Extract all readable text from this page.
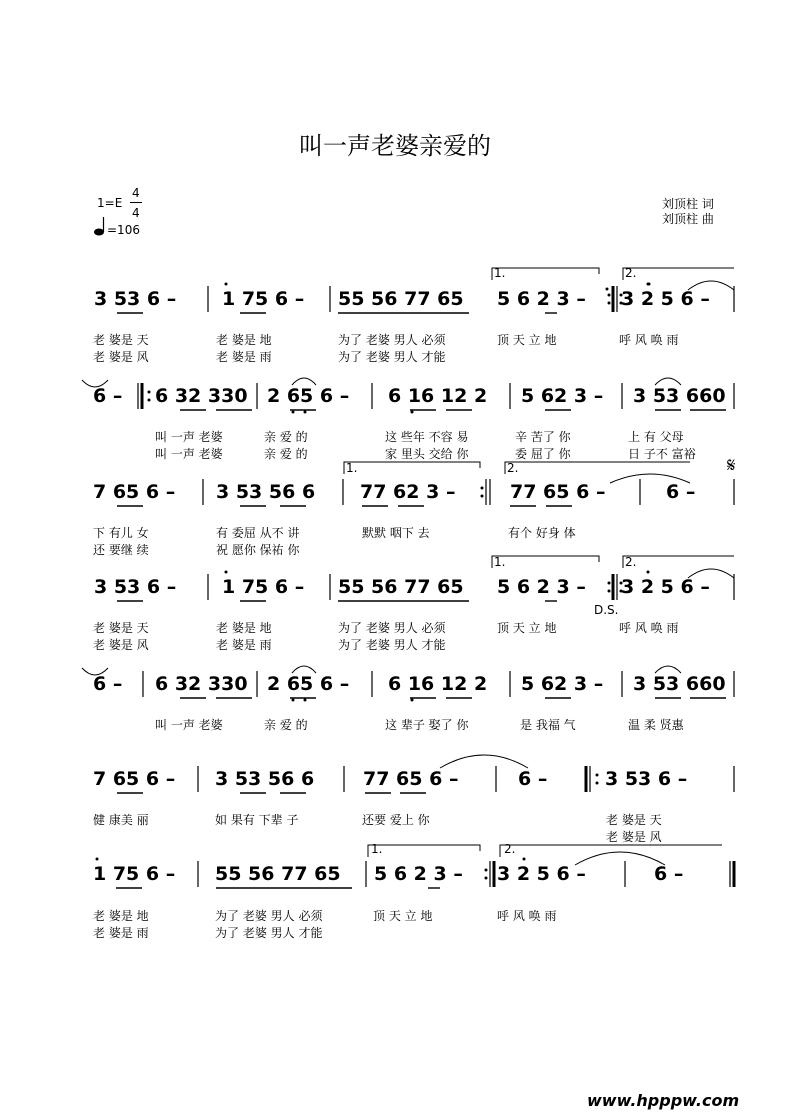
叫一声老婆亲爱的
1=E
4
4
=106
刘顶柱 词
刘顶柱 曲
3 53 6 – 1 75 6 – 55 56 77 65 5 6 2 3 – 3 2 5 6 –
1.	2.
老 婆是 天	老 婆是 地	为了 老婆 男人 必须	顶 天 立 地	呼 风 唤 雨
老 婆是 风	老 婆是 雨	为了 老婆 男人 才能
6 – 6 32 330 2 65 6 – 6 16 12 2 5 62 3 – 3 53 660
叫 一声 老婆	亲 爱 的	这 些年 不容 易	辛 苦了 你	上 有 父母
叫 一声 老婆	亲 爱 的	家 里头 交给 你	委 屈了 你	日 子不 富裕
7 65 6 – 3 53 56 6 77 62 3 –	77 65 6 –	6 –
1.	2.	𝄋
下 有儿 女	有 委屈 从不 讲	默默 咽下 去	有个 好身 体
还 要继 续	祝 愿你 保祐 你
3 53 6 – 1 75 6 – 55 56 77 65 5 6 2 3 – 3 2 5 6 –
1.	2.
D.S.
老 婆是 天	老 婆是 地	为了 老婆 男人 必须	顶 天 立 地	呼 风 唤 雨
老 婆是 风	老 婆是 雨	为了 老婆 男人 才能
6 – 6 32 330 2 65 6 – 6 16 12 2 5 62 3 – 3 53 660
叫 一声 老婆	亲 爱 的	这 辈子 娶了 你	是 我福 气	温 柔 贤惠
7 65 6 – 3 53 56 6	77 65 6 –	6 –	3 53 6 –
健 康美 丽	如 果有 下辈 子	还要 爱上 你	老 婆是 天
老 婆是 风
1 75 6 – 55 56 77 65 5 6 2 3 – 3 2 5 6 –	6 –
1.	2.
老 婆是 地	为了 老婆 男人 必须	顶 天 立 地	呼 风 唤 雨
老 婆是 雨	为了 老婆 男人 才能
www.hpppw.com
